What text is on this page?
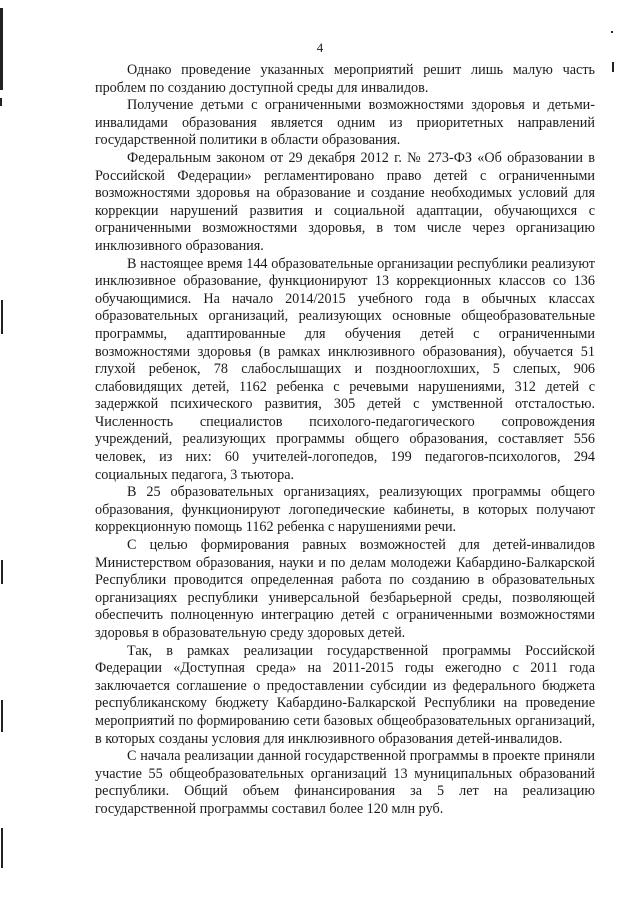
4

Однако проведение указанных мероприятий решит лишь малую часть проблем по созданию доступной среды для инвалидов.

Получение детьми с ограниченными возможностями здоровья и детьми-инвалидами образования является одним из приоритетных направлений государственной политики в области образования.

Федеральным законом от 29 декабря 2012 г. № 273-ФЗ «Об образовании в Российской Федерации» регламентировано право детей с ограниченными возможностями здоровья на образование и создание необходимых условий для коррекции нарушений развития и социальной адаптации, обучающихся с ограниченными возможностями здоровья, в том числе через организацию инклюзивного образования.

В настоящее время 144 образовательные организации республики реализуют инклюзивное образование, функционируют 13 коррекционных классов со 136 обучающимися. На начало 2014/2015 учебного года в обычных классах образовательных организаций, реализующих основные общеобразовательные программы, адаптированные для обучения детей с ограниченными возможностями здоровья (в рамках инклюзивного образования), обучается 51 глухой ребенок, 78 слабослышащих и позднооглохших, 5 слепых, 906 слабовидящих детей, 1162 ребенка с речевыми нарушениями, 312 детей с задержкой психического развития, 305 детей с умственной отсталостью. Численность специалистов психолого-педагогического сопровождения учреждений, реализующих программы общего образования, составляет 556 человек, из них: 60 учителей-логопедов, 199 педагогов-психологов, 294 социальных педагога, 3 тьютора.

В 25 образовательных организациях, реализующих программы общего образования, функционируют логопедические кабинеты, в которых получают коррекционную помощь 1162 ребенка с нарушениями речи.

С целью формирования равных возможностей для детей-инвалидов Министерством образования, науки и по делам молодежи Кабардино-Балкарской Республики проводится определенная работа по созданию в образовательных организациях республики универсальной безбарьерной среды, позволяющей обеспечить полноценную интеграцию детей с ограниченными возможностями здоровья в образовательную среду здоровых детей.

Так, в рамках реализации государственной программы Российской Федерации «Доступная среда» на 2011-2015 годы ежегодно с 2011 года заключается соглашение о предоставлении субсидии из федерального бюджета республиканскому бюджету Кабардино-Балкарской Республики на проведение мероприятий по формированию сети базовых общеобразовательных организаций, в которых созданы условия для инклюзивного образования детей-инвалидов.

С начала реализации данной государственной программы в проекте приняли участие 55 общеобразовательных организаций 13 муниципальных образований республики. Общий объем финансирования за 5 лет на реализацию государственной программы составил более 120 млн руб.
